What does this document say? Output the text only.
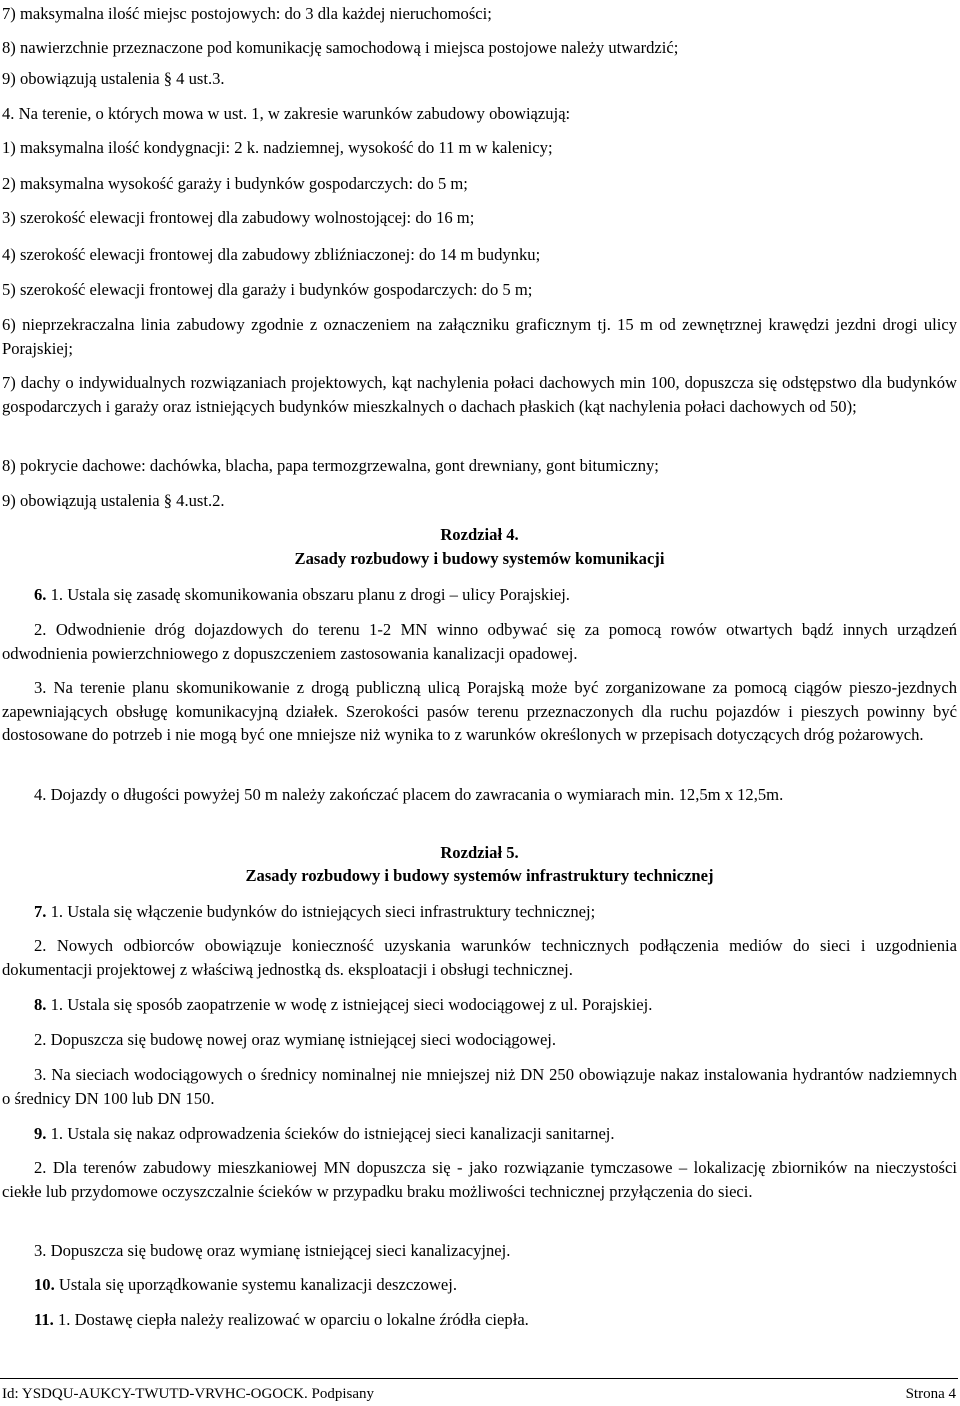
7) maksymalna ilość miejsc postojowych: do 3 dla każdej nieruchomości;

8) nawierzchnie przeznaczone pod komunikację samochodową i miejsca postojowe należy utwardzić;

9) obowiązują ustalenia § 4 ust.3.

4. Na terenie, o których mowa w ust. 1, w zakresie warunków zabudowy obowiązują:

1) maksymalna ilość kondygnacji: 2 k. nadziemnej, wysokość do 11 m w kalenicy;

2) maksymalna wysokość garaży i budynków gospodarczych: do 5 m;

3) szerokość elewacji frontowej dla zabudowy wolnostojącej: do 16 m;

4) szerokość elewacji frontowej dla zabudowy zbliźniaczonej: do 14 m budynku;

5) szerokość elewacji frontowej dla garaży i budynków gospodarczych: do 5 m;

6) nieprzekraczalna linia zabudowy zgodnie z oznaczeniem na załączniku graficznym tj. 15 m od zewnętrznej krawędzi jezdni drogi ulicy Porajskiej;

7) dachy o indywidualnych rozwiązaniach projektowych, kąt nachylenia połaci dachowych min 100, dopuszcza się odstępstwo dla budynków gospodarczych i garaży oraz istniejących budynków mieszkalnych o dachach płaskich (kąt nachylenia połaci dachowych od 50);

8) pokrycie dachowe: dachówka, blacha, papa termozgrzewalna, gont drewniany, gont bitumiczny;

9) obowiązują ustalenia § 4.ust.2.

Rozdział 4.

Zasady rozbudowy i budowy systemów komunikacji

6. 1. Ustala się zasadę skomunikowania obszaru planu z drogi – ulicy Porajskiej.

2. Odwodnienie dróg dojazdowych do terenu 1-2 MN winno odbywać się za pomocą rowów otwartych bądź innych urządzeń odwodnienia powierzchniowego z dopuszczeniem zastosowania kanalizacji opadowej.

3. Na terenie planu skomunikowanie z drogą publiczną ulicą Porajską może być zorganizowane za pomocą ciągów pieszo-jezdnych zapewniających obsługę komunikacyjną działek. Szerokości pasów terenu przeznaczonych dla ruchu pojazdów i pieszych powinny być dostosowane do potrzeb i nie mogą być one mniejsze niż wynika to z warunków określonych w przepisach dotyczących dróg pożarowych.

4. Dojazdy o długości powyżej 50 m należy zakończać placem do zawracania o wymiarach min. 12,5m x 12,5m.

Rozdział 5.

Zasady rozbudowy i budowy systemów infrastruktury technicznej

7. 1. Ustala się włączenie budynków do istniejących sieci infrastruktury technicznej;

2. Nowych odbiorców obowiązuje konieczność uzyskania warunków technicznych podłączenia mediów do sieci i uzgodnienia dokumentacji projektowej z właściwą jednostką ds. eksploatacji i obsługi technicznej.

8. 1. Ustala się sposób zaopatrzenie w wodę z istniejącej sieci wodociągowej z ul. Porajskiej.

2. Dopuszcza się budowę nowej oraz wymianę istniejącej sieci wodociągowej.

3. Na sieciach wodociągowych o średnicy nominalnej nie mniejszej niż DN 250 obowiązuje nakaz instalowania hydrantów nadziemnych o średnicy DN 100 lub DN 150.

9. 1. Ustala się nakaz odprowadzenia ścieków do istniejącej sieci kanalizacji sanitarnej.

2. Dla terenów zabudowy mieszkaniowej MN dopuszcza się - jako rozwiązanie tymczasowe – lokalizację zbiorników na nieczystości ciekłe lub przydomowe oczyszczalnie ścieków w przypadku braku możliwości technicznej przyłączenia do sieci.

3. Dopuszcza się budowę oraz wymianę istniejącej sieci kanalizacyjnej.

10. Ustala się uporządkowanie systemu kanalizacji deszczowej.

11. 1. Dostawę ciepła należy realizować w oparciu o lokalne źródła ciepła.

Id: YSDQU-AUKCY-TWUTD-VRVHC-OGOCK. Podpisany	Strona 4
